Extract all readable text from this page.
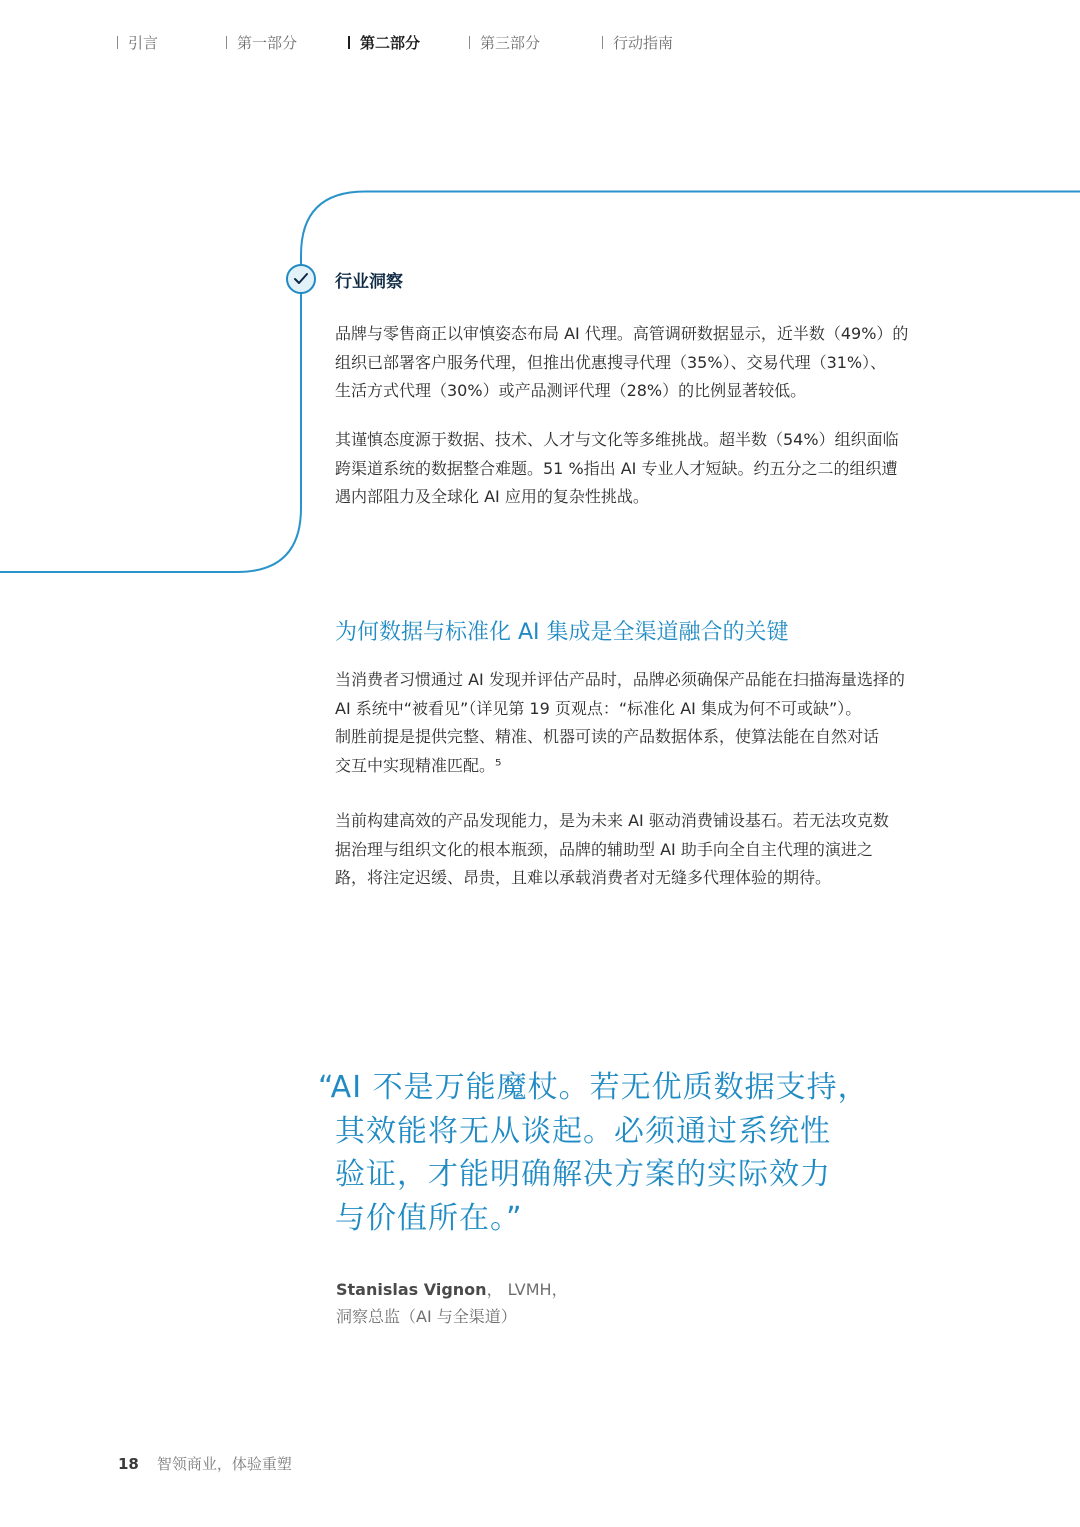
引言	第一部分	第二部分	第三部分	行动指南
行业洞察
品牌与零售商正以审慎姿态布局 AI 代理。高管调研数据显示，近半数（49%）的
组织已部署客户服务代理，但推出优惠搜寻代理（35%）、交易代理（31%）、
生活方式代理（30%）或产品测评代理（28%）的比例显著较低。
其谨慎态度源于数据、技术、人才与文化等多维挑战。超半数（54%）组织面临
跨渠道系统的数据整合难题。51 %指出 AI 专业人才短缺。约五分之二的组织遭
遇内部阻力及全球化 AI 应用的复杂性挑战。
为何数据与标准化 AI 集成是全渠道融合的关键
当消费者习惯通过 AI 发现并评估产品时，品牌必须确保产品能在扫描海量选择的
AI 系统中“被看见”（详见第 19 页观点：“标准化 AI 集成为何不可或缺”）。
制胜前提是提供完整、精准、机器可读的产品数据体系，使算法能在自然对话
交互中实现精准匹配。⁵
当前构建高效的产品发现能力，是为未来 AI 驱动消费铺设基石。若无法攻克数
据治理与组织文化的根本瓶颈，品牌的辅助型 AI 助手向全自主代理的演进之
路，将注定迟缓、昂贵，且难以承载消费者对无缝多代理体验的期待。
“AI 不是万能魔杖。若无优质数据支持，
其效能将无从谈起。必须通过系统性
验证，才能明确解决方案的实际效力
与价值所在。”
Stanislas Vignon， LVMH，
洞察总监（AI 与全渠道）
18 智领商业，体验重塑
